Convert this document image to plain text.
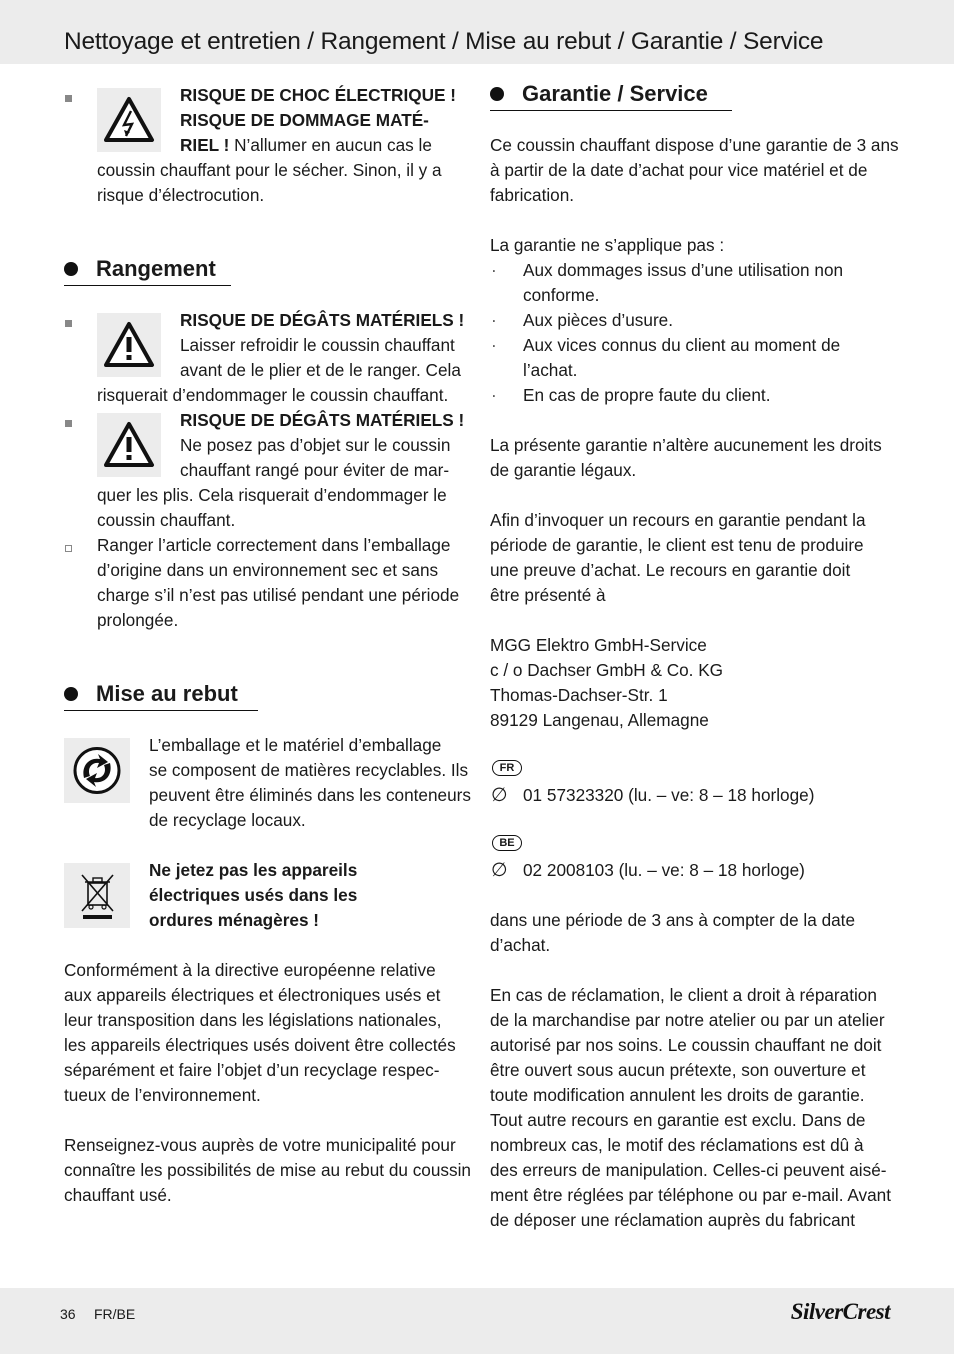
Nettoyage et entretien / Rangement / Mise au rebut / Garantie / Service
RISQUE DE CHOC ÉLECTRIQUE !
RISQUE DE DOMMAGE MATÉ-
RIEL ! N’allumer en aucun cas le
coussin chauffant pour le sécher. Sinon, il y a
risque d’électrocution.
Rangement
RISQUE DE DÉGÂTS MATÉRIELS !
Laisser refroidir le coussin chauffant
avant de le plier et de le ranger. Cela
risquerait d’endommager le coussin chauffant.
RISQUE DE DÉGÂTS MATÉRIELS !
Ne posez pas d’objet sur le coussin
chauffant rangé pour éviter de mar-
quer les plis. Cela risquerait d’endommager le
coussin chauffant.
Ranger l’article correctement dans l’emballage
d’origine dans un environnement sec et sans
charge s’il n’est pas utilisé pendant une période
prolongée.
Mise au rebut
L’emballage et le matériel d’emballage
se composent de matières recyclables. Ils
peuvent être éliminés dans les conteneurs
de recyclage locaux.
Ne jetez pas les appareils
électriques usés dans les
ordures ménagères !
Conformément à la directive européenne relative
aux appareils électriques et électroniques usés et
leur transposition dans les législations nationales,
les appareils électriques usés doivent être collectés
séparément et faire l’objet d’un recyclage respec-
tueux de l’environnement.
Renseignez-vous auprès de votre municipalité pour
connaître les possibilités de mise au rebut du coussin
chauffant usé.
Garantie / Service
Ce coussin chauffant dispose d’une garantie de 3 ans
à partir de la date d’achat pour vice matériel et de
fabrication.
La garantie ne s’applique pas :
· Aux dommages issus d’une utilisation non
conforme.
· Aux pièces d’usure.
· Aux vices connus du client au moment de
l’achat.
· En cas de propre faute du client.
La présente garantie n’altère aucunement les droits
de garantie légaux.
Afin d’invoquer un recours en garantie pendant la
période de garantie, le client est tenu de produire
une preuve d’achat. Le recours en garantie doit
être présenté à
MGG Elektro GmbH-Service
c / o Dachser GmbH & Co. KG
Thomas-Dachser-Str. 1
89129 Langenau, Allemagne
FR
∅ 01 57323320 (lu. – ve: 8 – 18 horloge)
BE
∅ 02 2008103 (lu. – ve: 8 – 18 horloge)
dans une période de 3 ans à compter de la date
d’achat.
En cas de réclamation, le client a droit à réparation
de la marchandise par notre atelier ou par un atelier
autorisé par nos soins. Le coussin chauffant ne doit
être ouvert sous aucun prétexte, son ouverture et
toute modification annulent les droits de garantie.
Tout autre recours en garantie est exclu. Dans de
nombreux cas, le motif des réclamations est dû à
des erreurs de manipulation. Celles-ci peuvent aisé-
ment être réglées par téléphone ou par e-mail. Avant
de déposer une réclamation auprès du fabricant
36 FR/BE	SilverCrest
